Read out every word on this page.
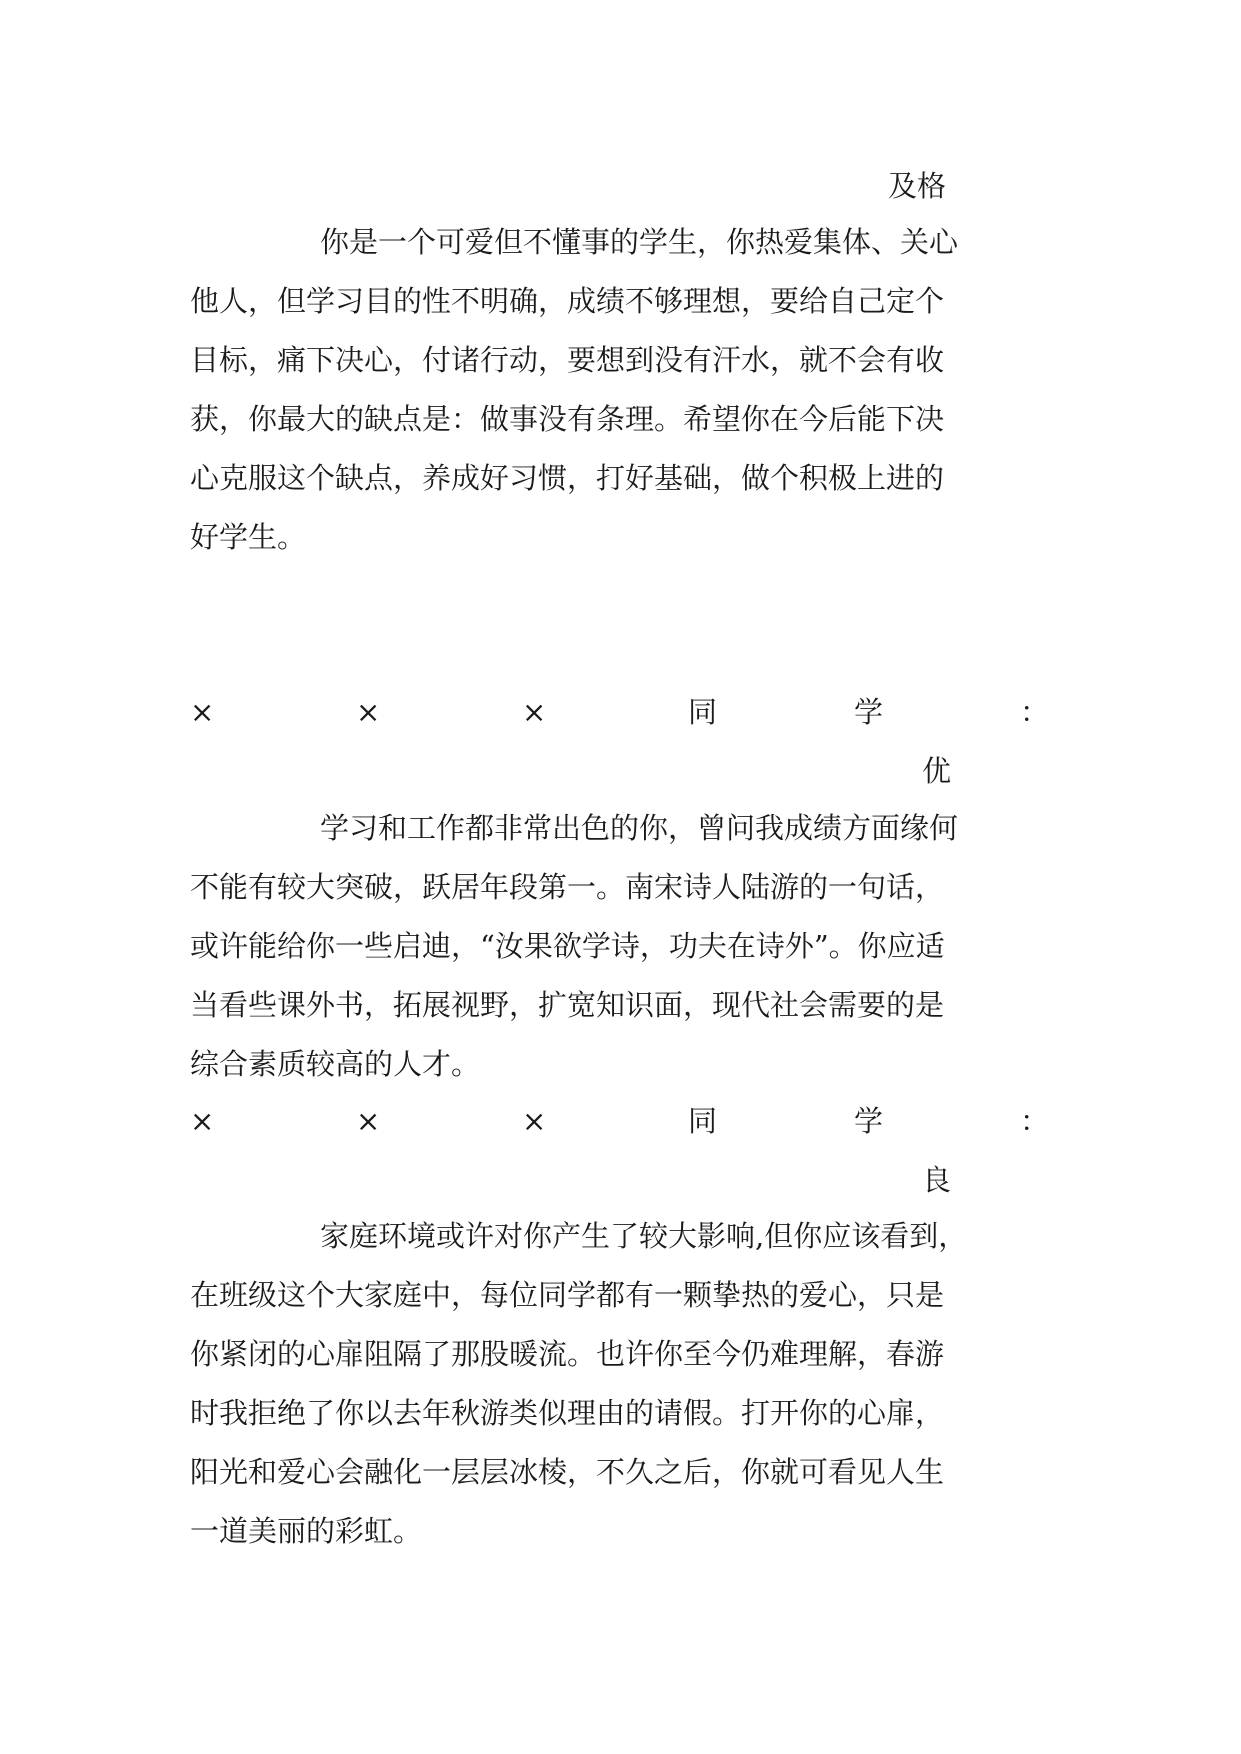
及格
你是一个可爱但不懂事的学生，你热爱集体、关心
他人，但学习目的性不明确，成绩不够理想，要给自己定个
目标，痛下决心，付诸行动，要想到没有汗水，就不会有收
获，你最大的缺点是：做事没有条理。希望你在今后能下决
心克服这个缺点，养成好习惯，打好基础，做个积极上进的
好学生。
×	×	×	同	学	：
优
学习和工作都非常出色的你，曾问我成绩方面缘何
不能有较大突破，跃居年段第一。南宋诗人陆游的一句话，
或许能给你一些启迪，“汝果欲学诗，功夫在诗外”。你应适
当看些课外书，拓展视野，扩宽知识面，现代社会需要的是
综合素质较高的人才。
×	×	×	同	学	：
良
家庭环境或许对你产生了较大影响,但你应该看到，
在班级这个大家庭中，每位同学都有一颗挚热的爱心，只是
你紧闭的心扉阻隔了那股暖流。也许你至今仍难理解，春游
时我拒绝了你以去年秋游类似理由的请假。打开你的心扉，
阳光和爱心会融化一层层冰棱，不久之后，你就可看见人生
一道美丽的彩虹。
